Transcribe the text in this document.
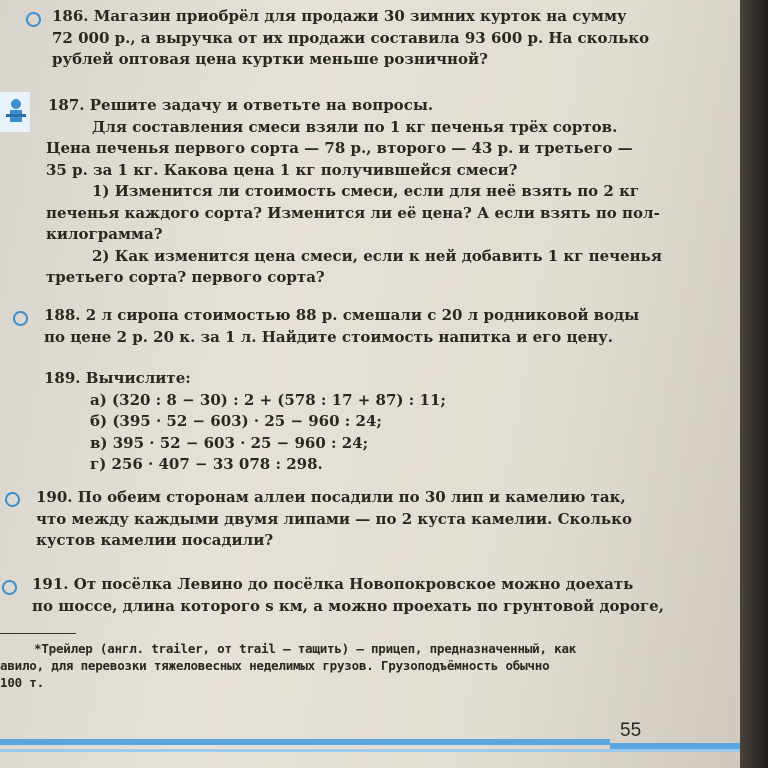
186. Магазин приобрёл для продажи 30 зимних курток на сумму

72 000 р., а выручка от их продажи составила 93 600 р. На сколько

рублей оптовая цена куртки меньше розничной?

187. Решите задачу и ответьте на вопросы.

Для составления смеси взяли по 1 кг печенья трёх сортов.

Цена печенья первого сорта — 78 р., второго — 43 р. и третьего —

35 р. за 1 кг. Какова цена 1 кг получившейся смеси?

1) Изменится ли стоимость смеси, если для неё взять по 2 кг

печенья каждого сорта? Изменится ли её цена? А если взять по пол-

килограмма?

2) Как изменится цена смеси, если к ней добавить 1 кг печенья

третьего сорта? первого сорта?

188. 2 л сиропа стоимостью 88 р. смешали с 20 л родниковой воды

по цене 2 р. 20 к. за 1 л. Найдите стоимость напитка и его цену.

189. Вычислите:

а) (320 : 8 − 30) : 2 + (578 : 17 + 87) : 11;

б) (395 · 52 − 603) · 25 − 960 : 24;

в) 395 · 52 − 603 · 25 − 960 : 24;

г) 256 · 407 − 33 078 : 298.

190. По обеим сторонам аллеи посадили по 30 лип и камелию так,

что между каждыми двумя липами — по 2 куста камелии. Сколько

кустов камелии посадили?

191. От посёлка Левино до посёлка Новопокровское можно доехать

по шоссе, длина которого s км, а можно проехать по грунтовой дороге,

*Трейлер (англ. trailer, от trail — тащить) — прицеп, предназначенный, как

авило, для перевозки тяжеловесных неделимых грузов. Грузоподъёмность обычно

100 т.

55
